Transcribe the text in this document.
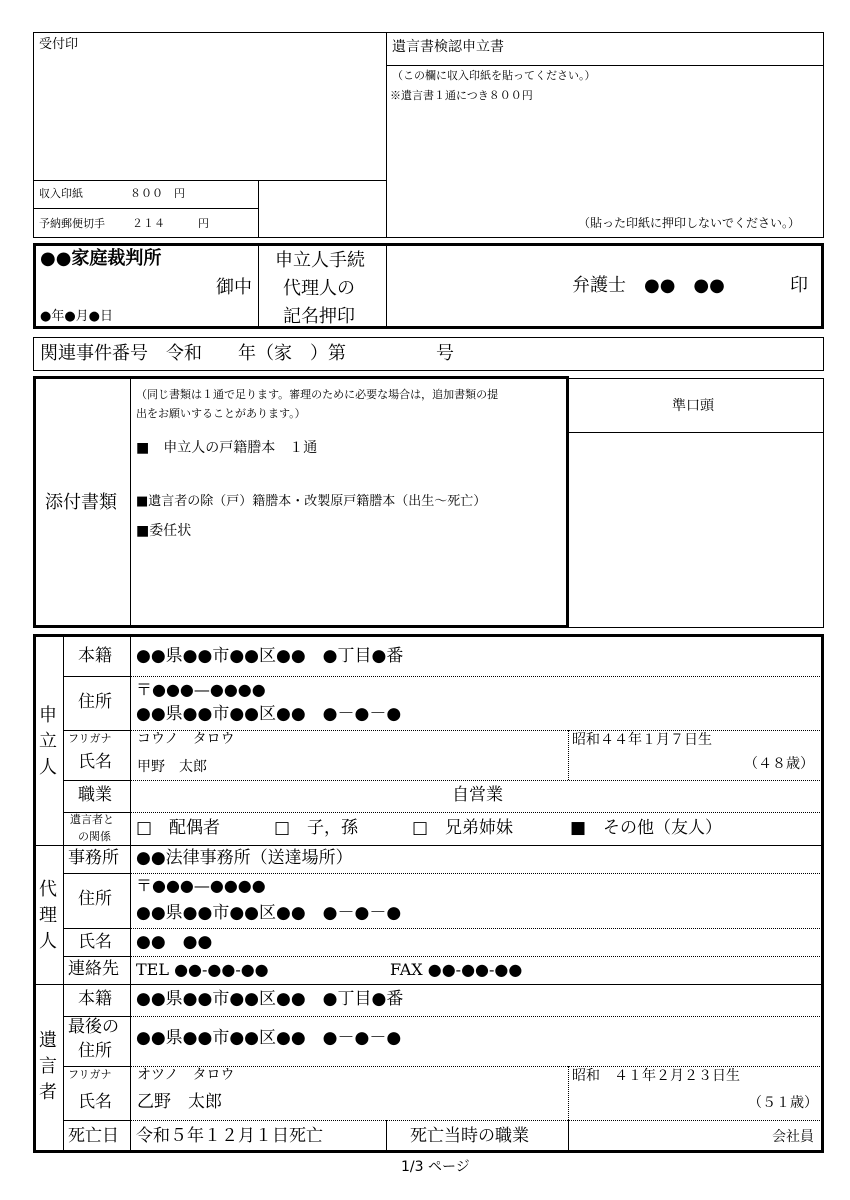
受付印
収入印紙	８００　円
予納郵便切手 ２１４　　　円
遺言書検認申立書
（この欄に収入印紙を貼ってください。）
※遺言書１通につき８００円
（貼った印紙に押印しないでください。）
●●家庭裁判所
御中
●年●月●日
申立人手続
代理人の
記名押印
弁護士　●●　●●	印
関連事件番号　令和　　年（家　）第　　　　　号
添付書類
（同じ書類は１通で足ります。審理のために必要な場合は，追加書類の提
出をお願いすることがあります。）
■　申立人の戸籍謄本　１通
■遺言者の除（戸）籍謄本・改製原戸籍謄本（出生～死亡）
■委任状
準口頭
申立人
本籍 ●●県●●市●●区●●　●丁目●番
住所
〒●●●—●●●●
●●県●●市●●区●●　●－●－●
フリガナ コウノ　タロウ
氏名 甲野　太郎
昭和４４年１月７日生
（４８歳）
職業	自営業
遺言者と
の関係 □　配偶者	□　子，孫	□　兄弟姉妹	■　その他（友人）
代理人
事務所 ●●法律事務所（送達場所）
住所
〒●●●—●●●●
●●県●●市●●区●●　●－●－●
氏名 ●●　●●
連絡先 TEL ●●-●●-●●	FAX ●●-●●-●●
遺言者
本籍 ●●県●●市●●区●●　●丁目●番
最後の
住所
●●県●●市●●区●●　●－●－●
フリガナ オツノ　タロウ
氏名 乙野　太郎
昭和　４１年２月２３日生
（５１歳）
死亡日 令和５年１２月１日死亡	死亡当時の職業	会社員
1/3 ページ
